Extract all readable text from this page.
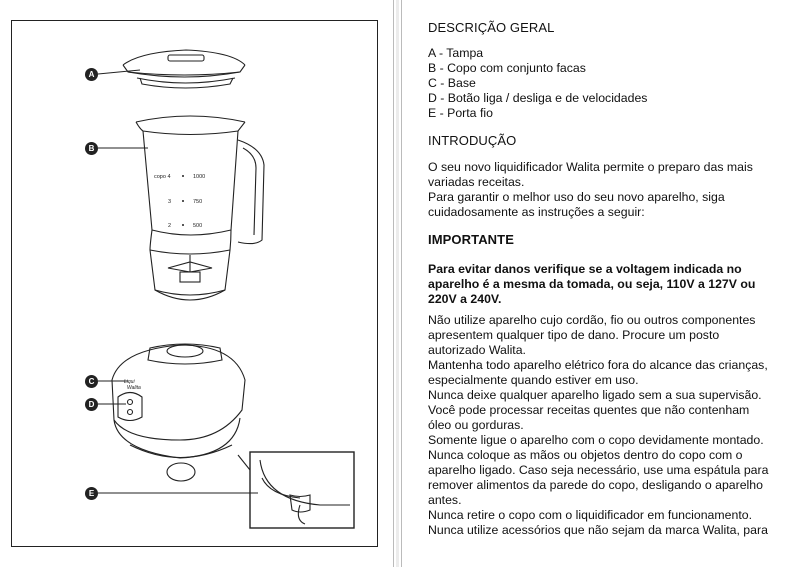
copo 4	1000
3	750
2	500
Liqui
Walita
A
B
C
D
E
DESCRIÇÃO GERAL
A - Tampa
B - Copo com conjunto facas
C - Base
D - Botão liga / desliga e de velocidades
E - Porta fio
INTRODUÇÃO
O seu novo liquidificador Walita permite o preparo das mais
variadas receitas.
Para garantir o melhor uso do seu novo aparelho, siga
cuidadosamente as instruções a seguir:
IMPORTANTE
Para evitar danos verifique se a voltagem indicada no
aparelho é a mesma da tomada, ou seja, 110V a 127V ou
220V a 240V.
Não utilize aparelho cujo cordão, fio ou outros componentes
apresentem qualquer tipo de dano. Procure um posto
autorizado Walita.
Mantenha todo aparelho elétrico fora do alcance das crianças,
especialmente quando estiver em uso.
Nunca deixe qualquer aparelho ligado sem a sua supervisão.
Você pode processar receitas quentes que não contenham
óleo ou gorduras.
Somente ligue o aparelho com o copo devidamente montado.
Nunca coloque as mãos ou objetos dentro do copo com o
aparelho ligado. Caso seja necessário, use uma espátula para
remover alimentos da parede do copo, desligando o aparelho
antes.
Nunca retire o copo com o liquidificador em funcionamento.
Nunca utilize acessórios que não sejam da marca Walita, para
